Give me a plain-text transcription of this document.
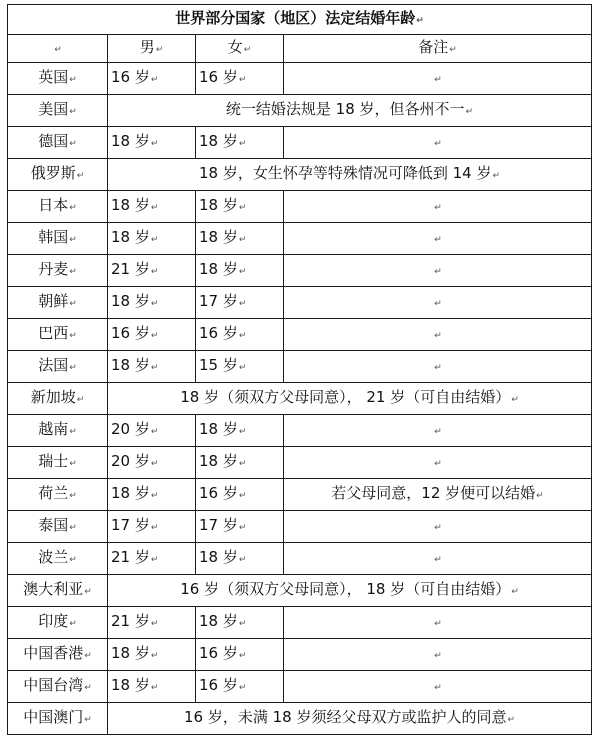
世界部分国家（地区）法定结婚年龄↵			
↵	男↵	女↵	备注↵
英国↵	16 岁↵	16 岁↵	↵
美国↵	统一结婚法规是 18 岁，但各州不一↵		
德国↵	18 岁↵	18 岁↵	↵
俄罗斯↵	18 岁，女生怀孕等特殊情况可降低到 14 岁↵		
日本↵	18 岁↵	18 岁↵	↵
韩国↵	18 岁↵	18 岁↵	↵
丹麦↵	21 岁↵	18 岁↵	↵
朝鲜↵	18 岁↵	17 岁↵	↵
巴西↵	16 岁↵	16 岁↵	↵
法国↵	18 岁↵	15 岁↵	↵
新加坡↵	18 岁（须双方父母同意）， 21 岁（可自由结婚）↵		
越南↵	20 岁↵	18 岁↵	↵
瑞士↵	20 岁↵	18 岁↵	↵
荷兰↵	18 岁↵	16 岁↵	若父母同意，12 岁便可以结婚↵
泰国↵	17 岁↵	17 岁↵	↵
波兰↵	21 岁↵	18 岁↵	↵
澳大利亚↵	16 岁（须双方父母同意）， 18 岁（可自由结婚）↵		
印度↵	21 岁↵	18 岁↵	↵
中国香港↵	18 岁↵	16 岁↵	↵
中国台湾↵	18 岁↵	16 岁↵	↵
中国澳门↵	16 岁，未满 18 岁须经父母双方或监护人的同意↵		
